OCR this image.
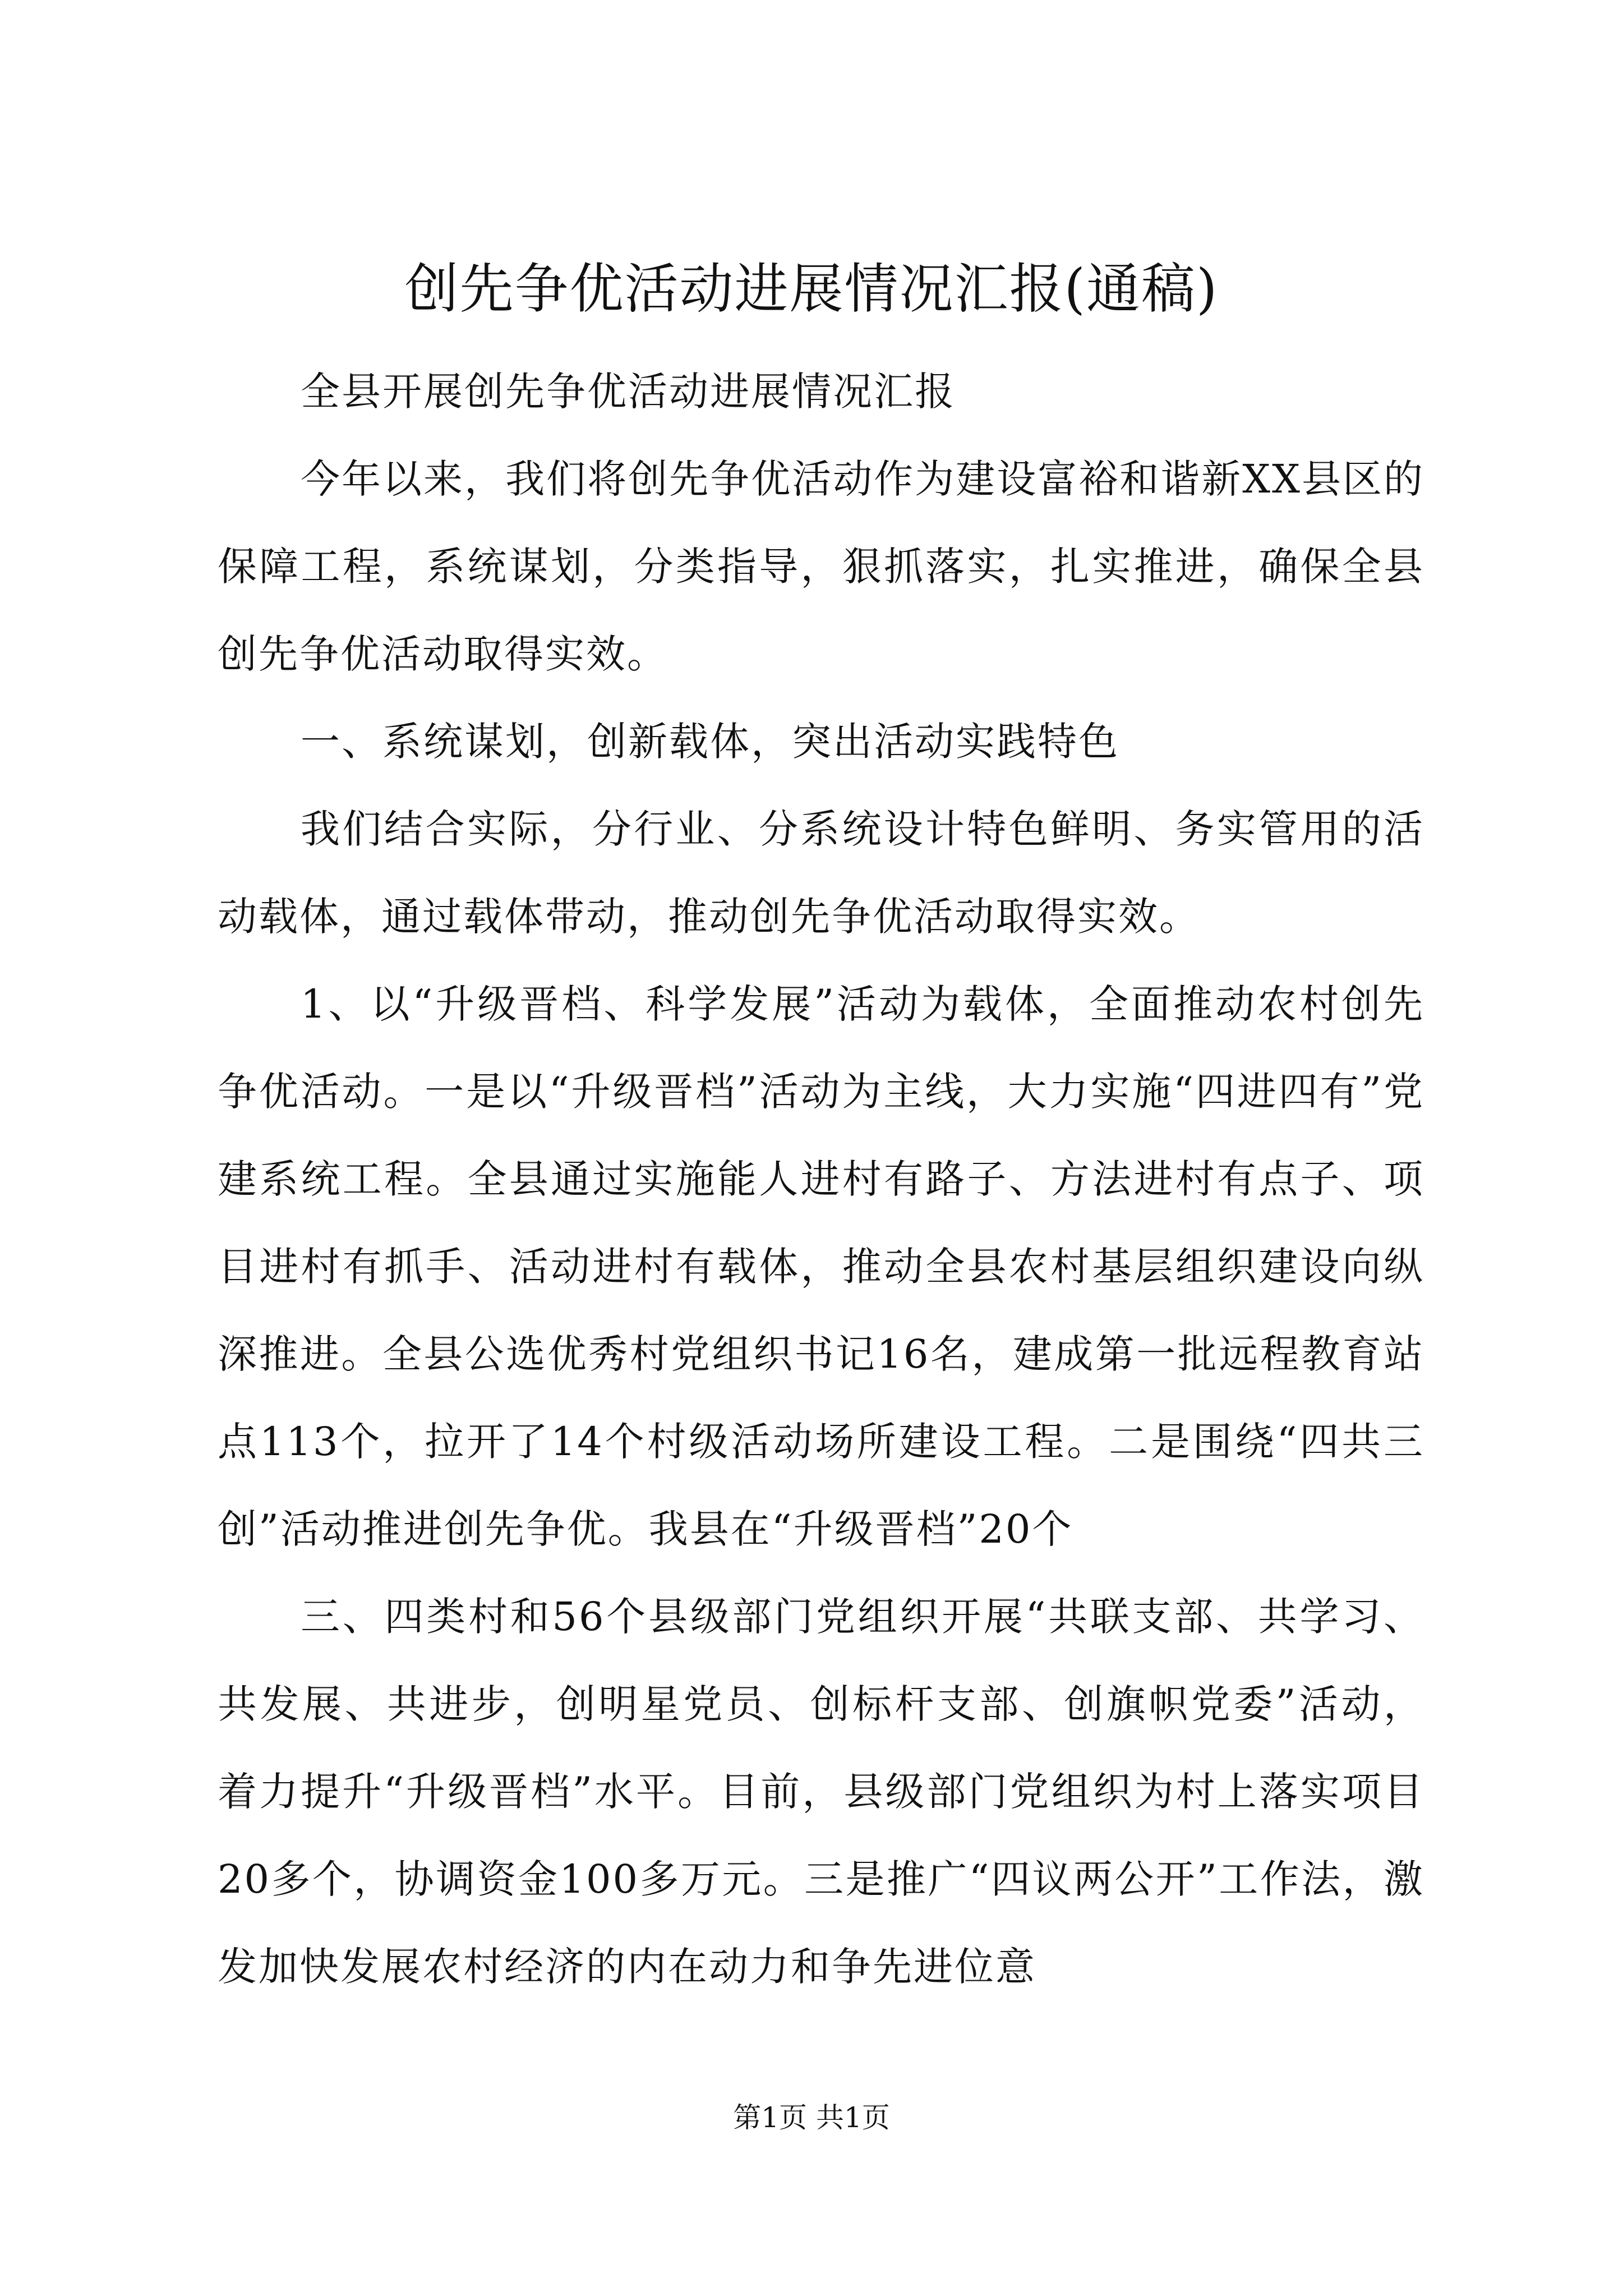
创先争优活动进展情况汇报(通稿)

全县开展创先争优活动进展情况汇报

今年以来，我们将创先争优活动作为建设富裕和谐新XX县区的保障工程，系统谋划，分类指导，狠抓落实，扎实推进，确保全县创先争优活动取得实效。

一、系统谋划，创新载体，突出活动实践特色

我们结合实际，分行业、分系统设计特色鲜明、务实管用的活动载体，通过载体带动，推动创先争优活动取得实效。

1、以“升级晋档、科学发展”活动为载体，全面推动农村创先争优活动。一是以“升级晋档”活动为主线，大力实施“四进四有”党建系统工程。全县通过实施能人进村有路子、方法进村有点子、项目进村有抓手、活动进村有载体，推动全县农村基层组织建设向纵深推进。全县公选优秀村党组织书记16名，建成第一批远程教育站点113个，拉开了14个村级活动场所建设工程。二是围绕“四共三创”活动推进创先争优。我县在“升级晋档”20个

三、四类村和56个县级部门党组织开展“共联支部、共学习、共发展、共进步，创明星党员、创标杆支部、创旗帜党委”活动，着力提升“升级晋档”水平。目前，县级部门党组织为村上落实项目20多个，协调资金100多万元。三是推广“四议两公开”工作法，激发加快发展农村经济的内在动力和争先进位意

第1页 共1页
